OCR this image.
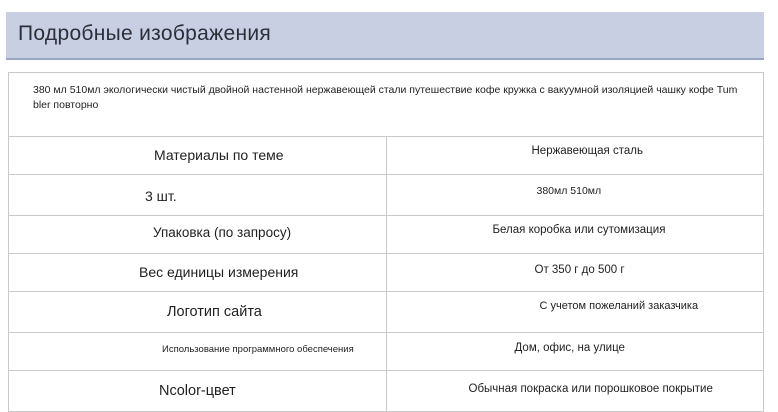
Подробные изображения
380 мл 510мл экологически чистый двойной настенной нержавеющей стали путешествие кофе кружка с вакуумной изоляцией чашку кофе Tumbler повторно	

Материалы по теме	Нержавеющая сталь

3 шт.	380мл 510мл

Упаковка (по запросу)	Белая коробка или сутомизация

Вес единицы измерения	От 350 г до 500 г

Логотип сайта	С учетом пожеланий заказчика

Использование программного обеспечения	Дом, офис, на улице

Ncolor-цвет	Обычная покраска или порошковое покрытие
